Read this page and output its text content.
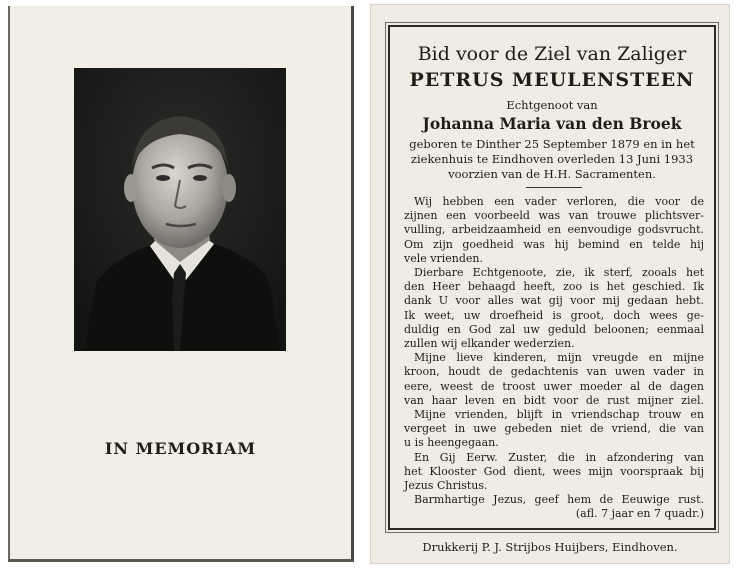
IN MEMORIAM
Bid voor de Ziel van Zaliger
PETRUS MEULENSTEEN
Echtgenoot van
Johanna Maria van den Broek
geboren te Dinther 25 September 1879 en in het
ziekenhuis te Eindhoven overleden 13 Juni 1933
voorzien van de H.H. Sacramenten.
Wij hebben een vader verloren, die voor de
zijnen een voorbeeld was van trouwe plichtsver-
vulling, arbeidzaamheid en eenvoudige godsvrucht.
Om zijn goedheid was hij bemind en telde hij
vele vrienden.
Dierbare Echtgenoote, zie, ik sterf, zooals het
den Heer behaagd heeft, zoo is het geschied. Ik
dank U voor alles wat gij voor mij gedaan hebt.
Ik weet, uw droefheid is groot, doch wees ge-
duldig en God zal uw geduld beloonen; eenmaal
zullen wij elkander wederzien.
Mijne lieve kinderen, mijn vreugde en mijne
kroon, houdt de gedachtenis van uwen vader in
eere, weest de troost uwer moeder al de dagen
van haar leven en bidt voor de rust mijner ziel.
Mijne vrienden, blijft in vriendschap trouw en
vergeet in uwe gebeden niet de vriend, die van
u is heengegaan.
En Gij Eerw. Zuster, die in afzondering van
het Klooster God dient, wees mijn voorspraak bij
Jezus Christus.
Barmhartige Jezus, geef hem de Eeuwige rust.
(afl. 7 jaar en 7 quadr.)
Drukkerij P. J. Strijbos Huijbers, Eindhoven.
